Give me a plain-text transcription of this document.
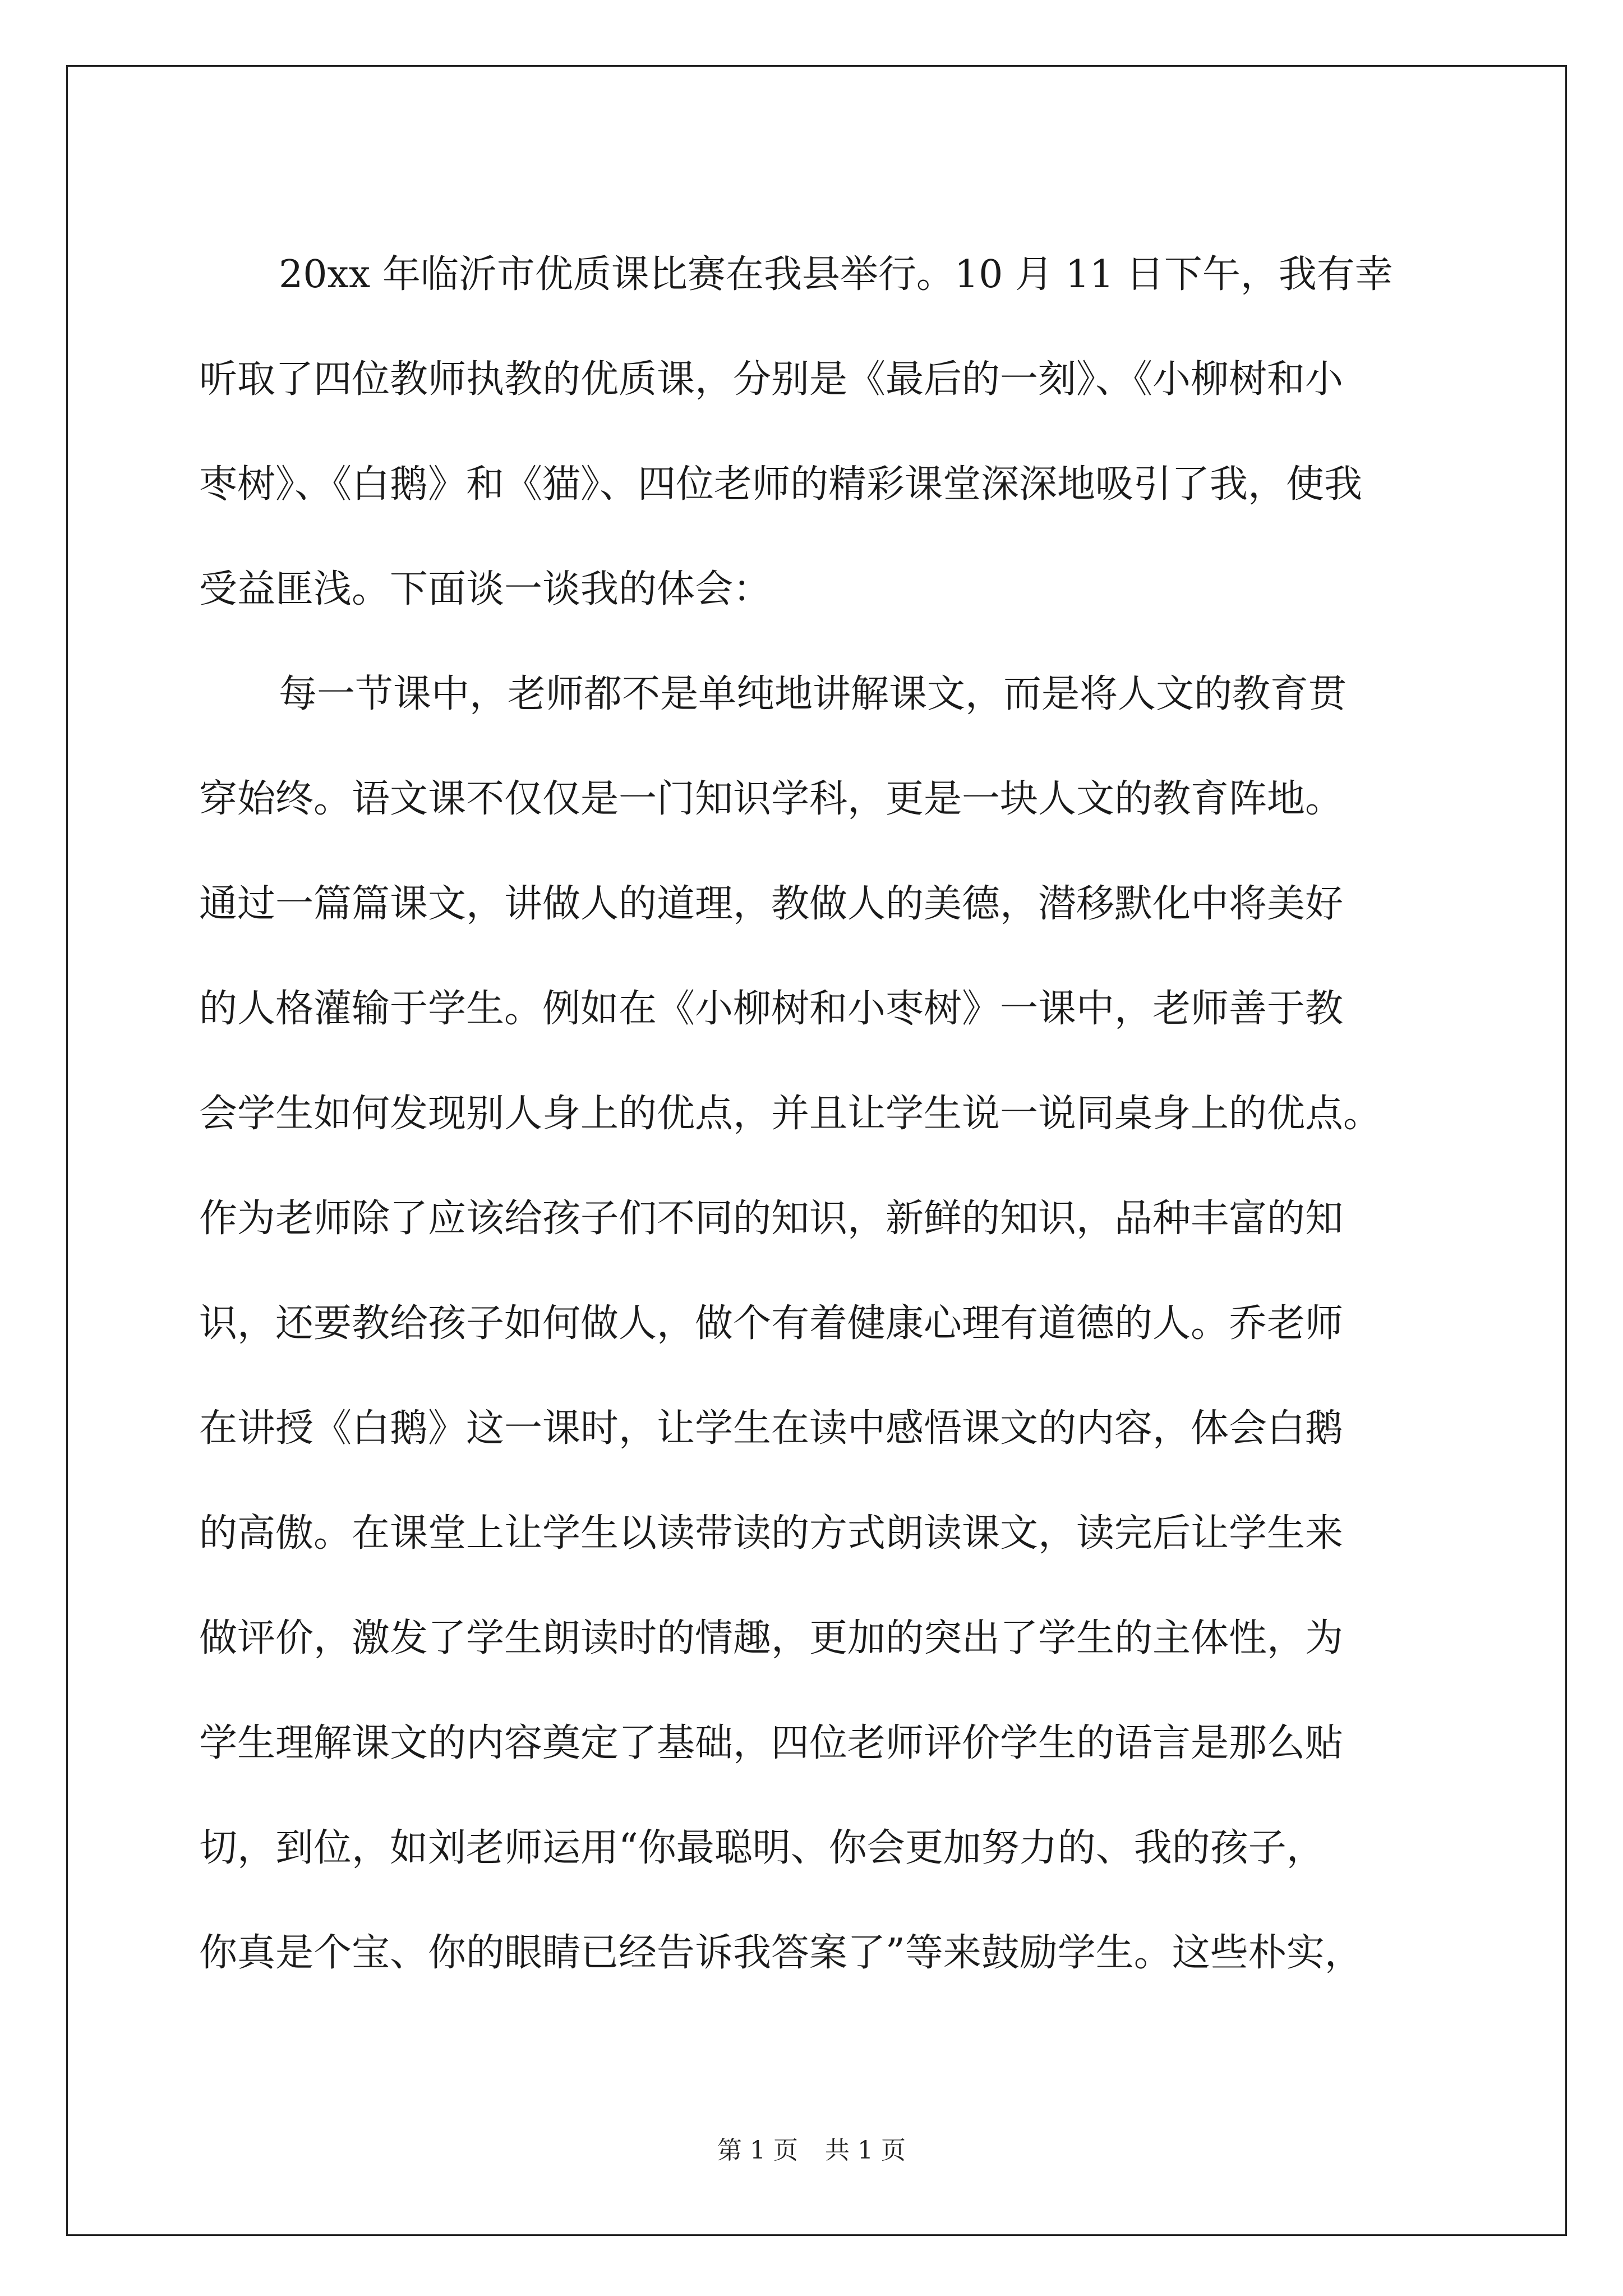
20xx 年临沂市优质课比赛在我县举行。10 月 11 日下午，我有幸

听取了四位教师执教的优质课，分别是《最后的一刻》、《小柳树和小

枣树》、《白鹅》和《猫》、四位老师的精彩课堂深深地吸引了我，使我

受益匪浅。下面谈一谈我的体会：

每一节课中，老师都不是单纯地讲解课文，而是将人文的教育贯

穿始终。语文课不仅仅是一门知识学科，更是一块人文的教育阵地。

通过一篇篇课文，讲做人的道理，教做人的美德，潜移默化中将美好

的人格灌输于学生。例如在《小柳树和小枣树》一课中，老师善于教

会学生如何发现别人身上的优点，并且让学生说一说同桌身上的优点。

作为老师除了应该给孩子们不同的知识，新鲜的知识，品种丰富的知

识，还要教给孩子如何做人，做个有着健康心理有道德的人。乔老师

在讲授《白鹅》这一课时，让学生在读中感悟课文的内容，体会白鹅

的高傲。在课堂上让学生以读带读的方式朗读课文，读完后让学生来

做评价，激发了学生朗读时的情趣，更加的突出了学生的主体性，为

学生理解课文的内容奠定了基础，四位老师评价学生的语言是那么贴

切，到位，如刘老师运用“你最聪明、你会更加努力的、我的孩子，

你真是个宝、你的眼睛已经告诉我答案了”等来鼓励学生。这些朴实，

第 1 页 共 1 页
